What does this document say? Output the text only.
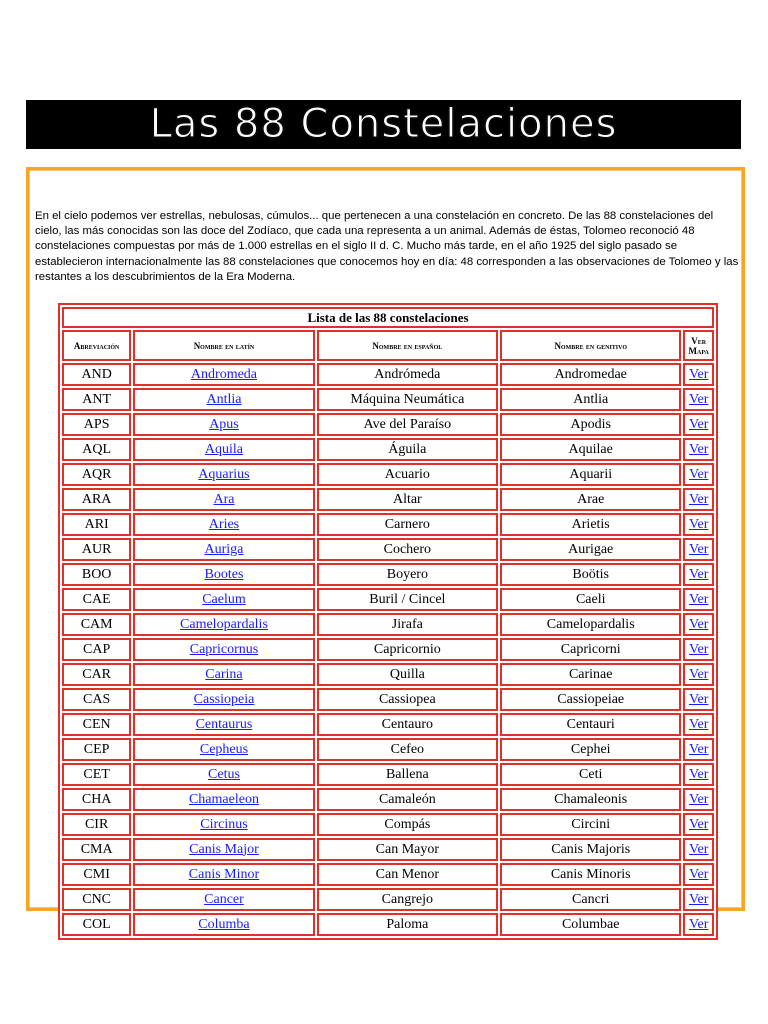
Las 88 Constelaciones

En el cielo podemos ver estrellas, nebulosas, cúmulos... que pertenecen a una constelación en concreto. De las 88 constelaciones del cielo, las más conocidas son las doce del Zodíaco, que cada una representa a un animal. Además de éstas, Tolomeo reconoció 48 constelaciones compuestas por más de 1.000 estrellas en el siglo II d. C. Mucho más tarde, en el año 1925 del siglo pasado se establecieron internacionalmente las 88 constelaciones que conocemos hoy en día: 48 corresponden a las observaciones de Tolomeo y las restantes a los descubrimientos de la Era Moderna.

Lista de las 88 constelaciones				
Abreviación	Nombre en latín	Nombre en español	Nombre en genitivo	Ver
Mapa
AND	Andromeda	Andrómeda	Andromedae	Ver
ANT	Antlia	Máquina Neumática	Antlia	Ver
APS	Apus	Ave del Paraíso	Apodis	Ver
AQL	Aquila	Águila	Aquilae	Ver
AQR	Aquarius	Acuario	Aquarii	Ver
ARA	Ara	Altar	Arae	Ver
ARI	Aries	Carnero	Arietis	Ver
AUR	Auriga	Cochero	Aurigae	Ver
BOO	Bootes	Boyero	Boötis	Ver
CAE	Caelum	Buril / Cincel	Caeli	Ver
CAM	Camelopardalis	Jirafa	Camelopardalis	Ver
CAP	Capricornus	Capricornio	Capricorni	Ver
CAR	Carina	Quilla	Carinae	Ver
CAS	Cassiopeia	Cassiopea	Cassiopeiae	Ver
CEN	Centaurus	Centauro	Centauri	Ver
CEP	Cepheus	Cefeo	Cephei	Ver
CET	Cetus	Ballena	Ceti	Ver
CHA	Chamaeleon	Camaleón	Chamaleonis	Ver
CIR	Circinus	Compás	Circini	Ver
CMA	Canis Major	Can Mayor	Canis Majoris	Ver
CMI	Canis Minor	Can Menor	Canis Minoris	Ver
CNC	Cancer	Cangrejo	Cancri	Ver
COL	Columba	Paloma	Columbae	Ver
